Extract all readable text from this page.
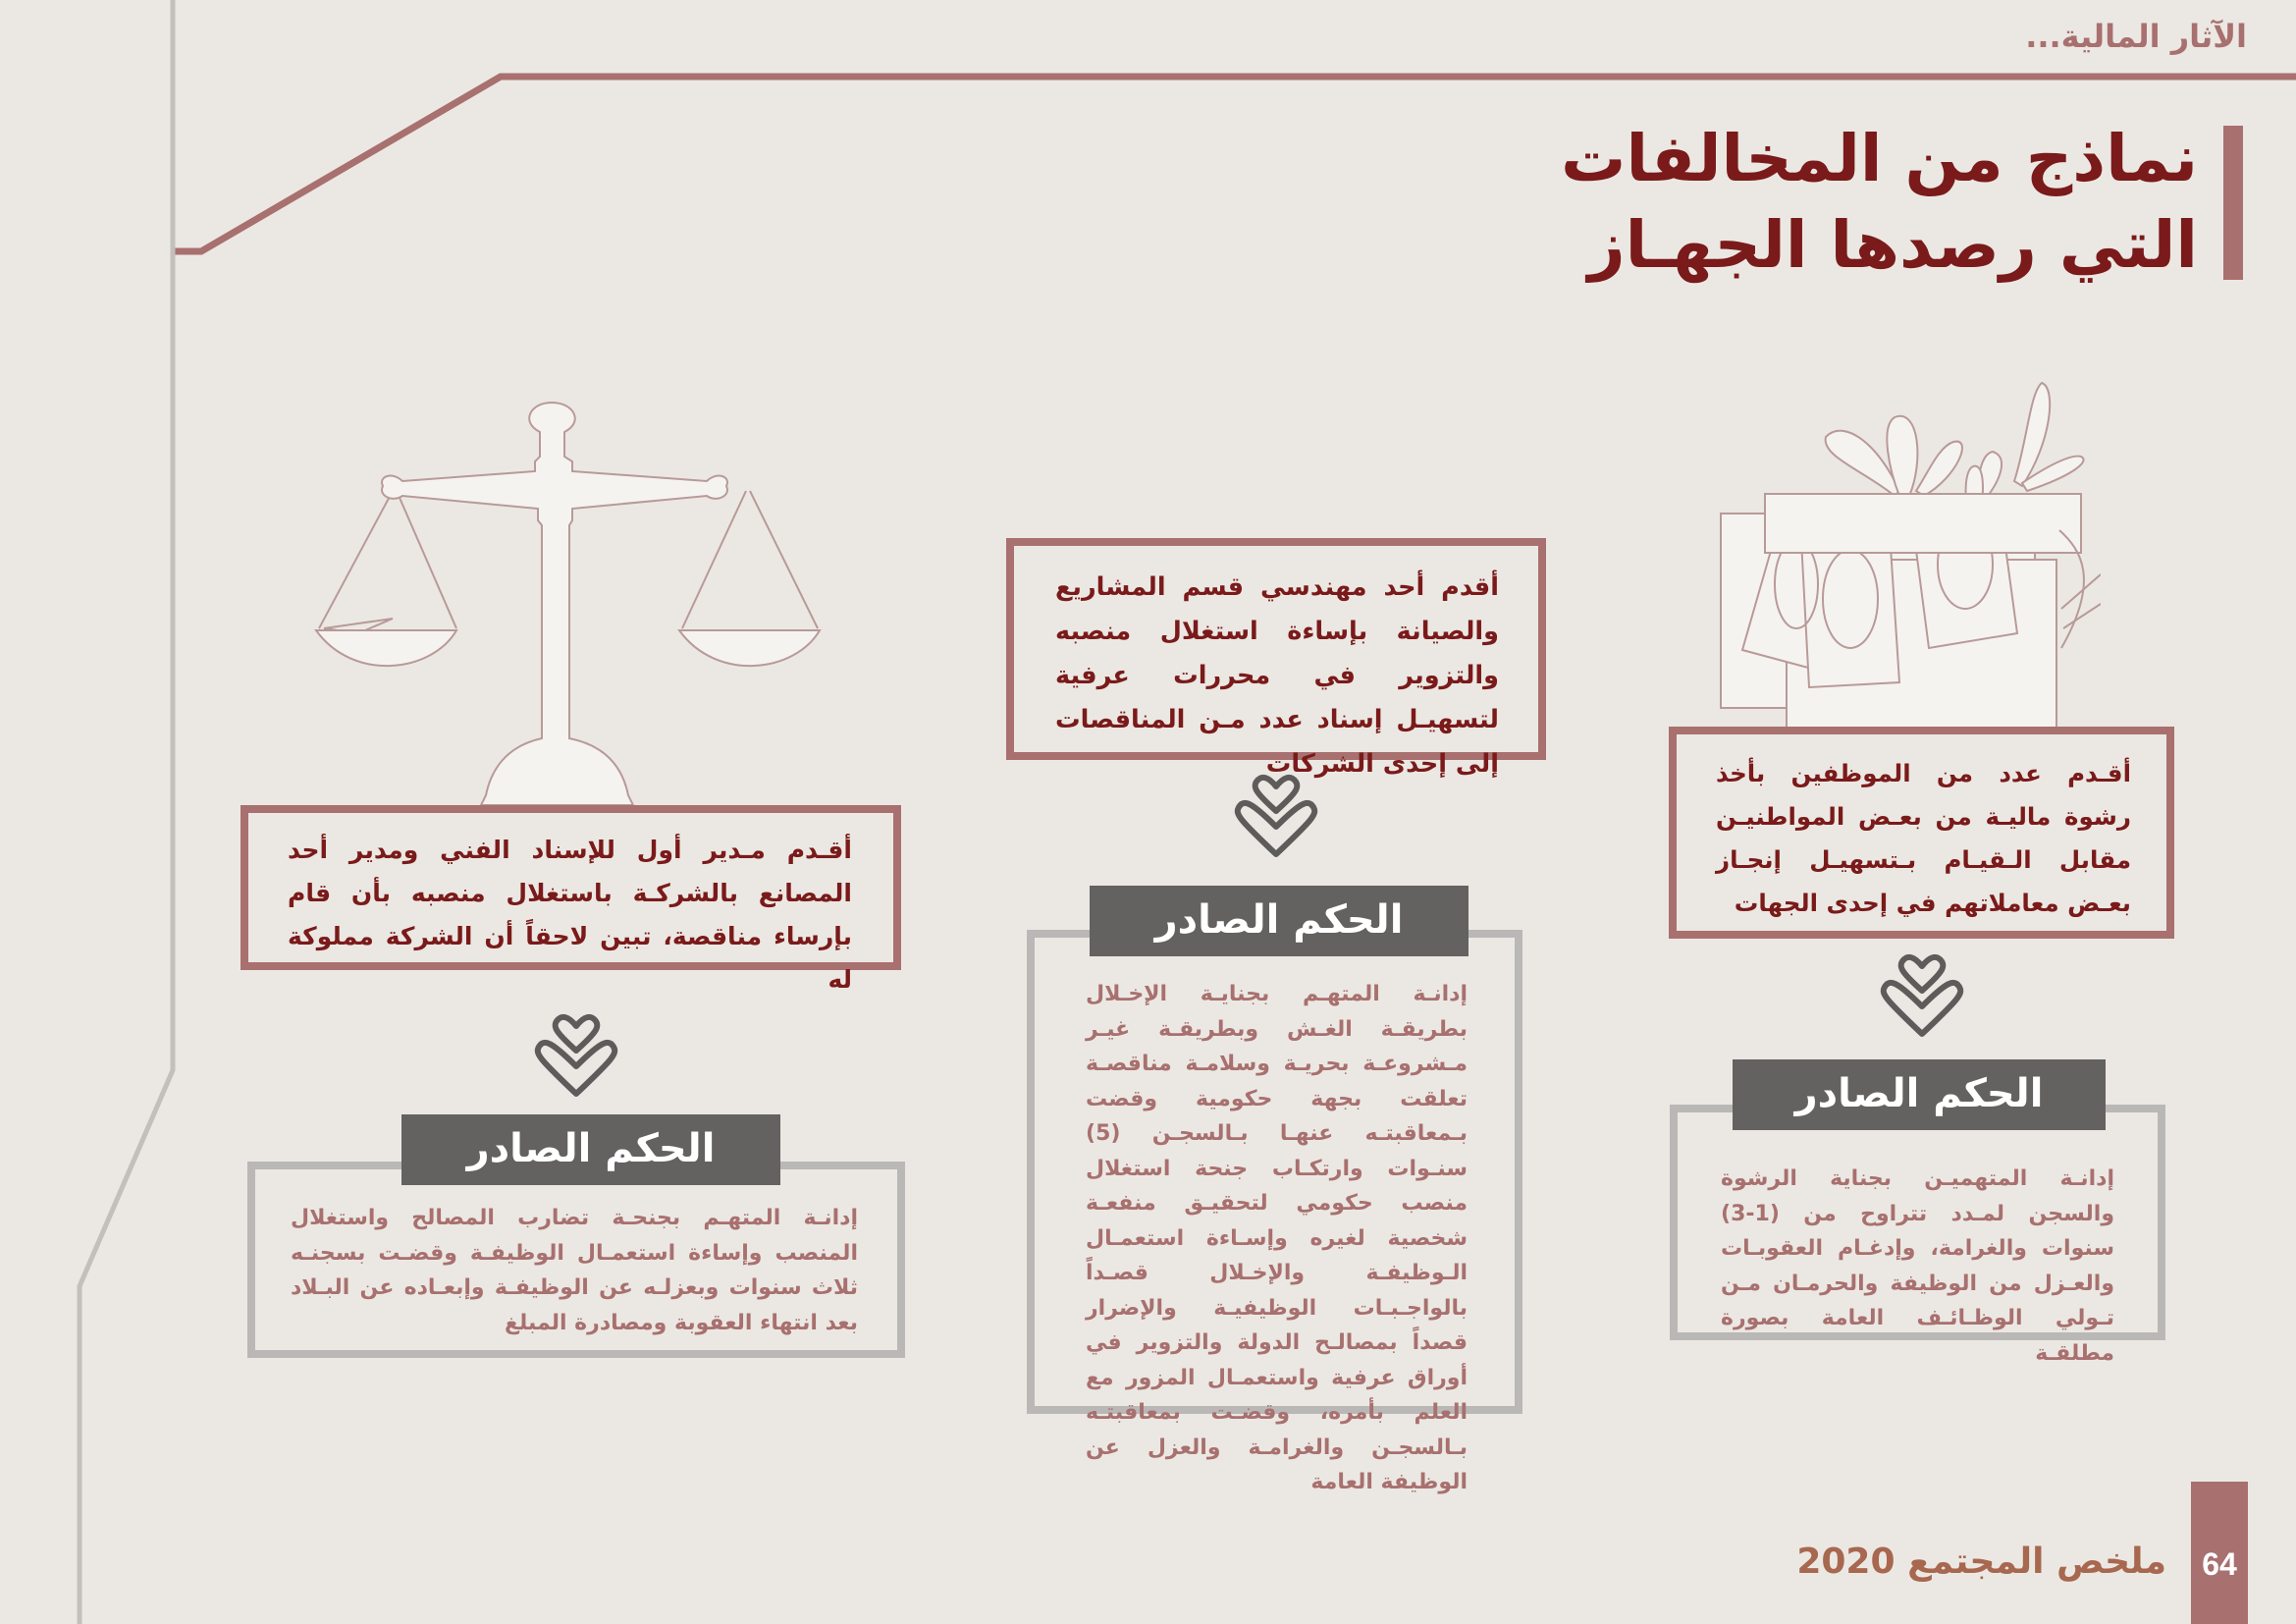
الآثار المالية...
نماذج من المخالفات
التي رصدها الجهـاز
أقـدم عدد من الموظفين بأخذ رشوة ماليـة من بعـض المواطنيـن مقابل الـقيـام بـتسهيـل إنجـاز بعـض معاملاتهم في إحدى الجهات
إدانـة المتهميـن بجناية الرشوة والسجن لمـدد تتراوح من (1-3) سنوات والغرامة، وإدغـام العقوبـات والعـزل من الوظيفة والحرمـان مـن تـولي الوظـائـف العامة بصورة مطلقـة
الحكم الصادر
أقدم أحد مهندسي قسم المشاريع والصيانة بإساءة استغلال منصبه والتزوير في محررات عرفية لتسهيـل إسناد عدد مـن المناقصات إلى إحدى الشركات
إدانـة المتهـم بجنايـة الإخـلال بطريقـة الغـش وبطريقـة غيـر مـشروعـة بحريـة وسلامـة مناقصـة تعلقت بجهة حكومية وقضت بـمعاقبتـه عنهـا بـالسجـن (5) سنـوات وارتكـاب جنحة استغلال منصب حكومي لتحقيـق منفعـة شخصية لغيره وإسـاءة استعمـال الـوظيفـة والإخـلال قصـداً بالواجـبـات الوظيفيـة والإضرار قصداً بمصالـح الدولة والتزوير في أوراق عرفية واستعمـال المزور مع العلم بأمره، وقضـت بمعاقبتـه بـالسجـن والغرامـة والعزل عن الوظيفة العامة
الحكم الصادر
أقـدم مـدير أول للإسناد الفني ومدير أحد المصانع بالشركـة باستغلال منصبه بأن قام بإرساء مناقصة، تبين لاحقاً أن الشركة مملوكة له
إدانـة المتهـم بجنحـة تضارب المصالح واستغلال المنصب وإساءة استعمـال الوظيفـة وقضـت بسجنـه ثلاث سنوات وبعزلـه عن الوظيفـة وإبعـاده عن البـلاد بعد انتهاء العقوبة ومصادرة المبلغ
الحكم الصادر
64
ملخص المجتمع 2020
